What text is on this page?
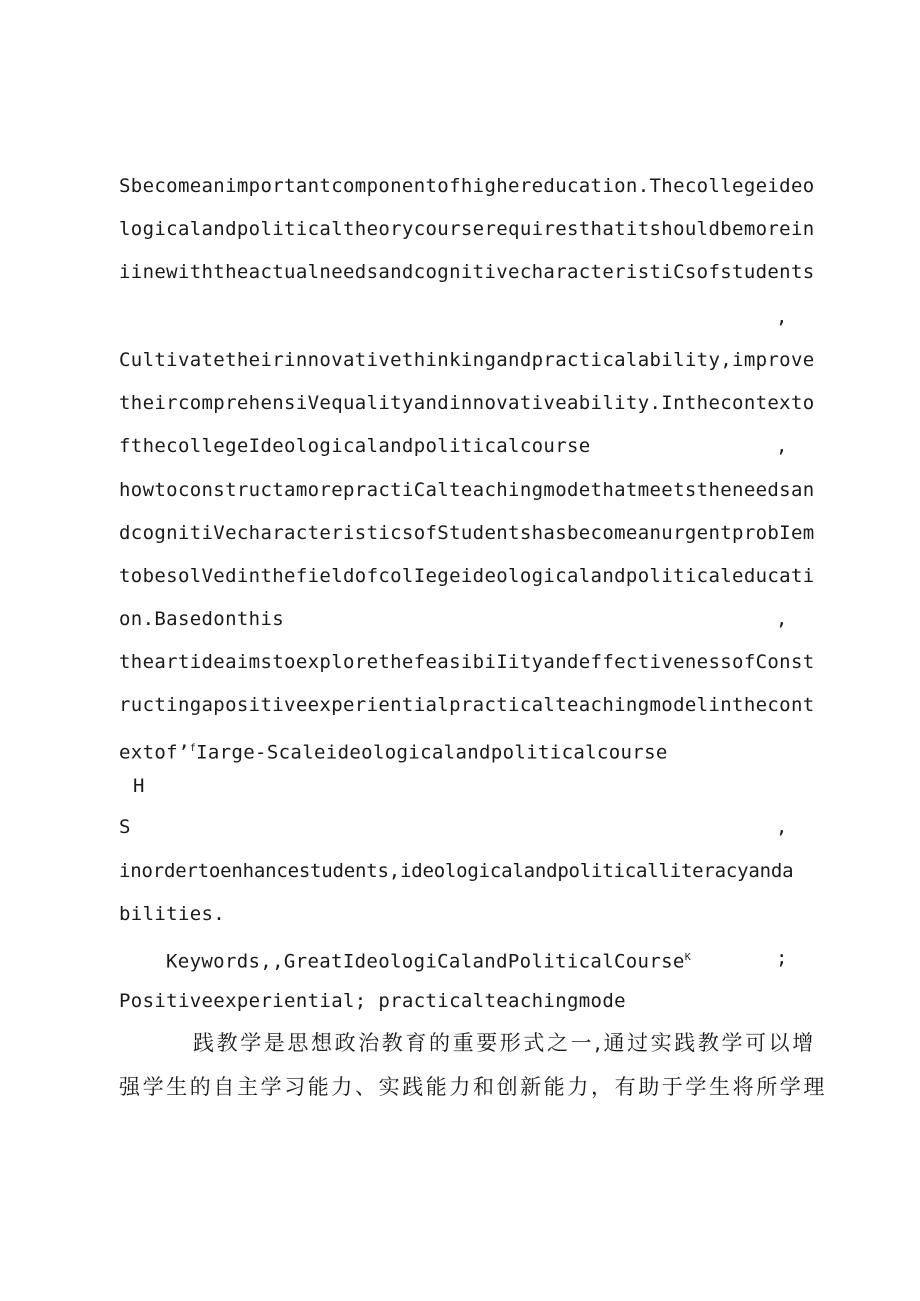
Sbecomeanimportantcomponentofhighereducation.Thecollegeideo
logicalandpoliticaltheorycourserequiresthatitshouldbemorein
iinewiththeactualneedsandcognitivecharacteristiCsofstudents
,
Cultivatetheirinnovativethinkingandpracticalability,improve
theircomprehensiVequalityandinnovativeability.Inthecontexto
fthecollegeIdeologicalandpoliticalcourse	,
howtoconstructamorepractiCalteachingmodethatmeetstheneedsan
dcognitiVecharacteristicsofStudentshasbecomeanurgentprobIem
tobesolVedinthefieldofcolIegeideologicalandpoliticaleducati
on.Basedonthis	,
theartideaimstoexplorethefeasibiIityandeffectivenessofConst
ructingapositiveexperientialpracticalteachingmodelinthecont
extof’$^f$Iarge-Scaleideologicalandpoliticalcourse
H
S	,
inordertoenhancestudents,ideologicalandpoliticalliteracyanda
bilities.
Keywords,,GreatIdeologiCalandPoliticalCourse$^K$	;
Positiveexperiential; practicalteachingmode
践教学是思想政治教育的重要形式之一,通过实践教学可以增
强学生的自主学习能力、实践能力和创新能力，有助于学生将所学理
